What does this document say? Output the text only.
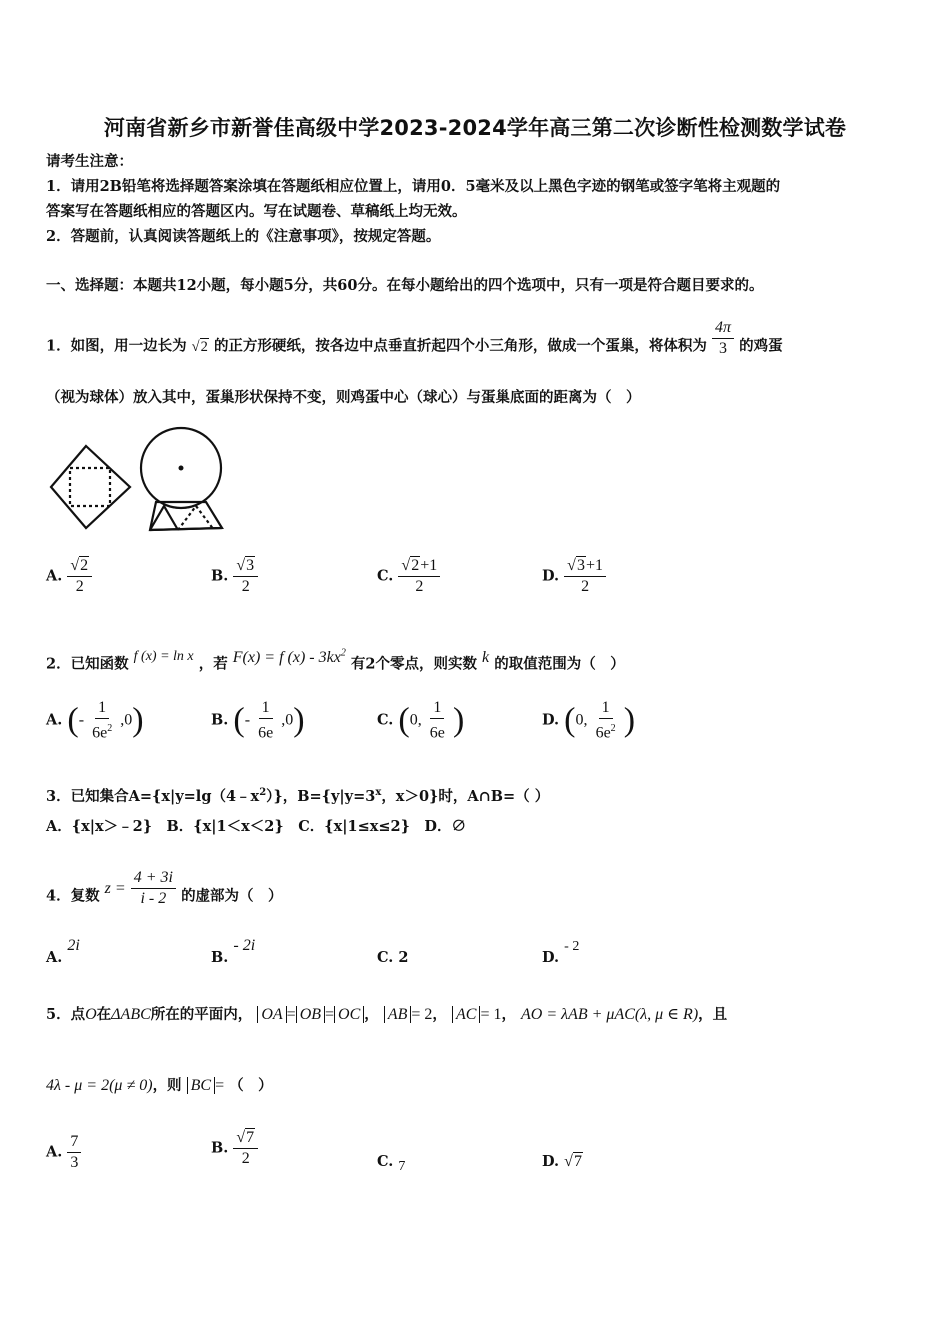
河南省新乡市新誉佳高级中学2023-2024学年高三第二次诊断性检测数学试卷
请考生注意：
1．请用2B铅笔将选择题答案涂填在答题纸相应位置上，请用0．5毫米及以上黑色字迹的钢笔或签字笔将主观题的
答案写在答题纸相应的答题区内。写在试题卷、草稿纸上均无效。
2．答题前，认真阅读答题纸上的《注意事项》，按规定答题。
一、选择题：本题共12小题，每小题5分，共60分。在每小题给出的四个选项中，只有一项是符合题目要求的。
1．如图，用一边长为 √2 的正方形硬纸，按各边中点垂直折起四个小三角形，做成一个蛋巢，将体积为 $\frac{4\pi}{3}$ 的鸡蛋
（视为球体）放入其中，蛋巢形状保持不变，则鸡蛋中心（球心）与蛋巢底面的距离为（　）
A. $\frac{√2}{2}$	B. $\frac{√3}{2}$	C. $\frac{√2+1}{2}$	D. $\frac{√3+1}{2}$
2．已知函数 f (x) = ln x ，若 F(x) = f $(x) - 3kx^2$ 有2个零点，则实数 k 的取值范围为（　）
A. (- $\frac{1}{6e^2} ,0$)	B. (- $\frac{1}{6e} ,0$)	C. (0, $\frac{1}{6e}$ )	D. (0, $\frac{1}{6e^2}$ )
3．已知集合$A=\{x|y=\lg(4﹣x^2)\}$，$B=\{y|y=3^x$，x＞0}时，A∩B=（ ）
A．{x|x＞﹣2}　B．{x|1＜x＜2}　C．{x|1≤x≤2}　D．∅
4．复数 $z = \frac{4 + 3i}{i - 2}$ 的虚部为（　）
A. 2i
B. - 2i
C. 2	D. - 2
5．点O在ΔABC所在的平面内， OA = OB = OC ， AB = 2， AC = 1， AO = λAB + μAC(λ, μ ∈ R)，且
4λ - μ = 2(μ ≠ 0)，则 BC = （　）
A. $\frac{7}{3}$	B. $\frac{√7}{2}$	C. 7	D. √7
